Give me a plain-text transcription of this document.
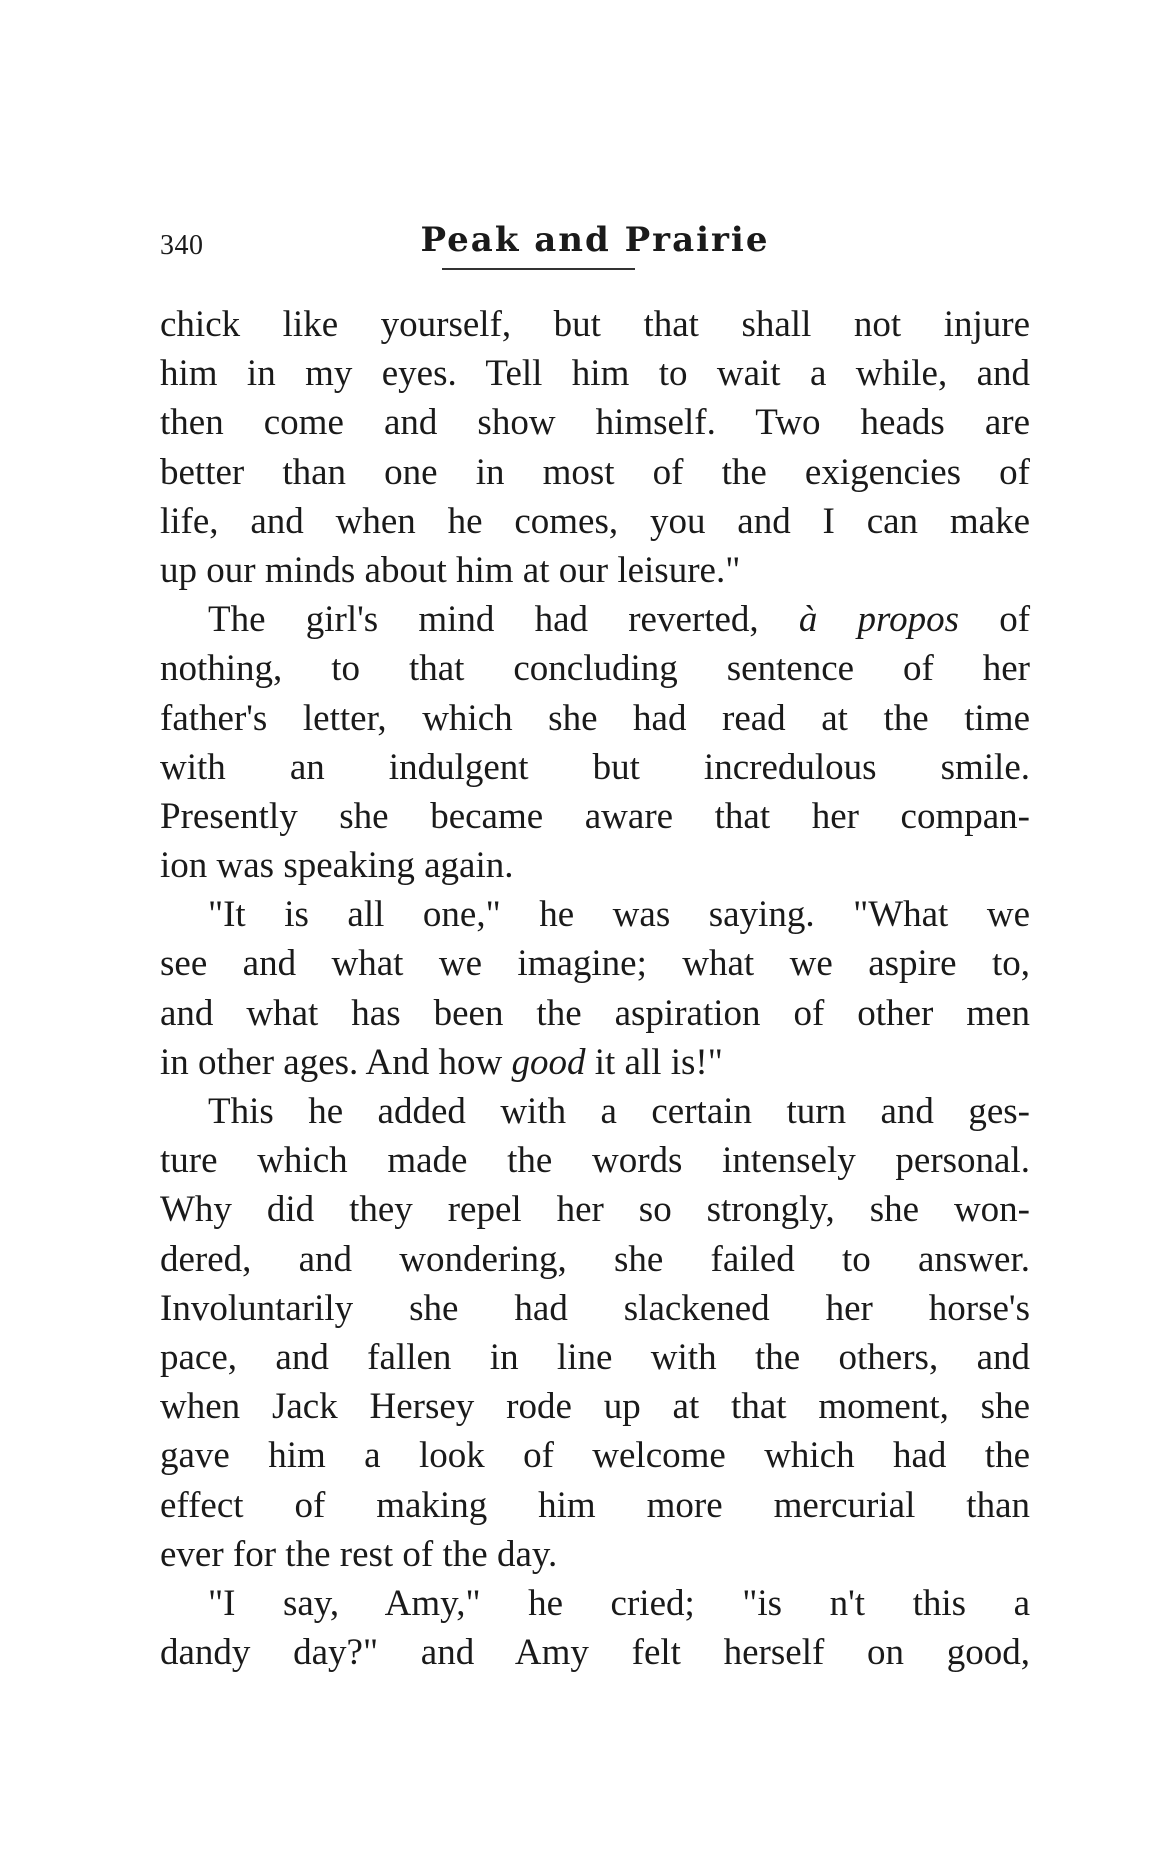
340	Peak and Prairie
chick like yourself, but that shall not injure
him in my eyes. Tell him to wait a while, and
then come and show himself. Two heads are
better than one in most of the exigencies of
life, and when he comes, you and I can make
up our minds about him at our leisure."
The girl's mind had reverted, à propos of
nothing, to that concluding sentence of her
father's letter, which she had read at the time
with an indulgent but incredulous smile.
Presently she became aware that her compan-
ion was speaking again.
"It is all one," he was saying. "What we
see and what we imagine; what we aspire to,
and what has been the aspiration of other men
in other ages. And how good it all is!"
This he added with a certain turn and ges-
ture which made the words intensely personal.
Why did they repel her so strongly, she won-
dered, and wondering, she failed to answer.
Involuntarily she had slackened her horse's
pace, and fallen in line with the others, and
when Jack Hersey rode up at that moment, she
gave him a look of welcome which had the
effect of making him more mercurial than
ever for the rest of the day.
"I say, Amy," he cried; "is n't this a
dandy day?" and Amy felt herself on good,
